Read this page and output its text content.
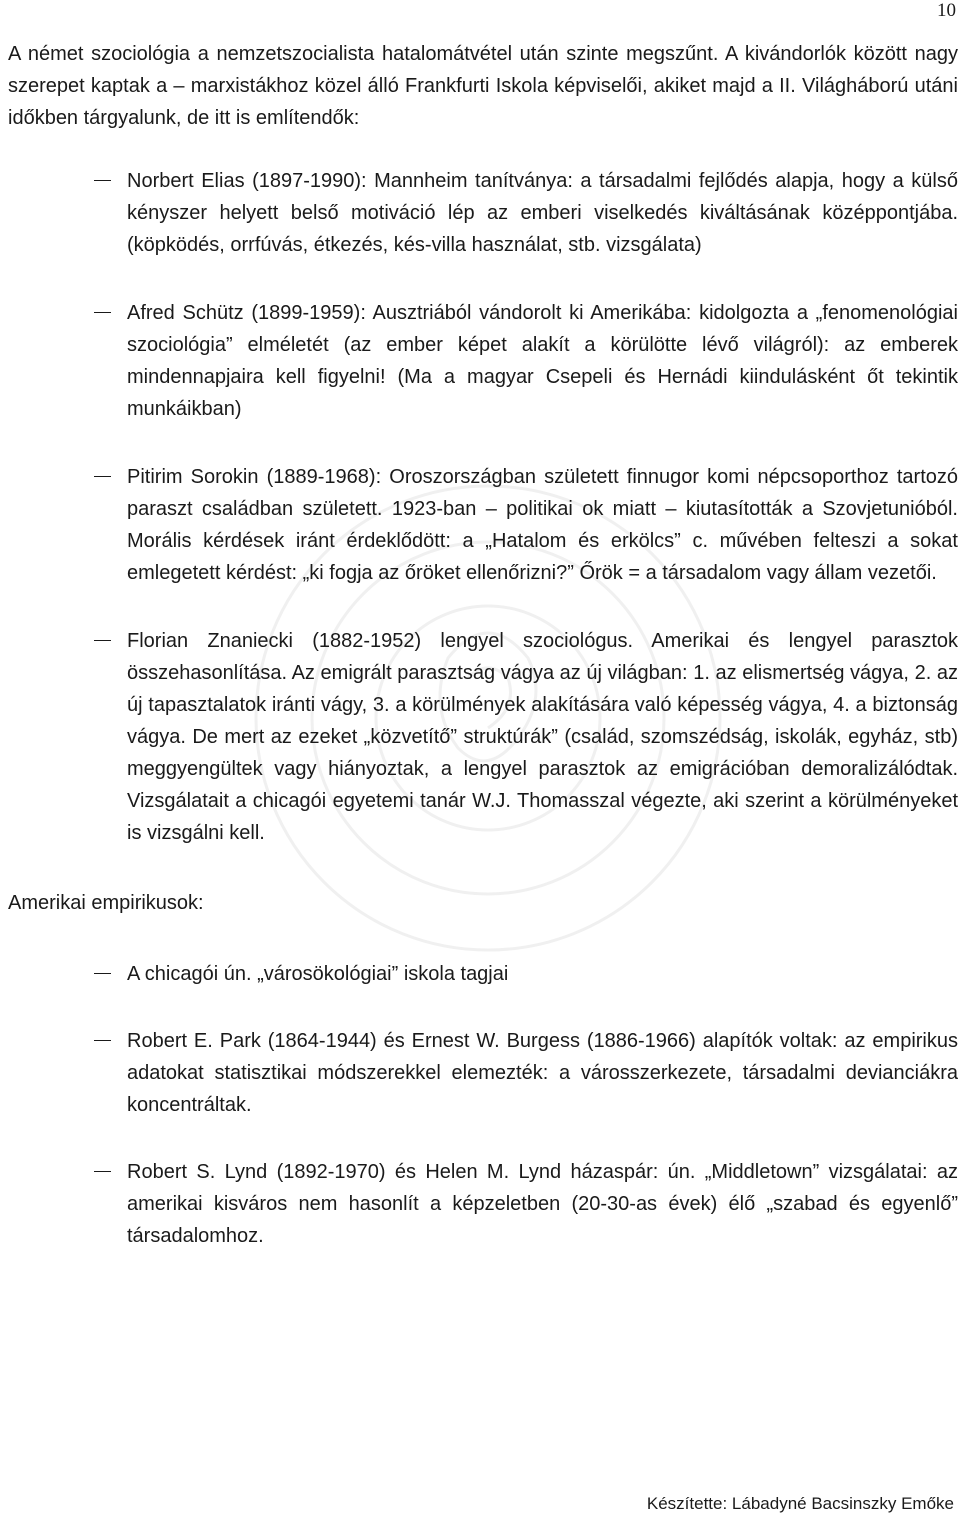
10

A német szociológia a nemzetszocialista hatalomátvétel után szinte megszűnt. A kivándorlók között nagy szerepet kaptak a – marxistákhoz közel álló Frankfurti Iskola képviselői, akiket majd a II. Világháború utáni időkben tárgyalunk, de itt is említendők:

Norbert Elias (1897-1990): Mannheim tanítványa: a társadalmi fejlődés alapja, hogy a külső kényszer helyett belső motiváció lép az emberi viselkedés kiváltásának középpontjába. (köpködés, orrfúvás, étkezés, kés-villa használat, stb. vizsgálata)
Afred Schütz (1899-1959): Ausztriából vándorolt ki Amerikába: kidolgozta a „fenomenológiai szociológia” elméletét (az ember képet alakít a körülötte lévő világról): az emberek mindennapjaira kell figyelni! (Ma a magyar Csepeli és Hernádi kiindulásként őt tekintik munkáikban)
Pitirim Sorokin (1889-1968): Oroszországban született finnugor komi népcsoporthoz tartozó paraszt családban született. 1923-ban – politikai ok miatt – kiutasították a Szovjetunióból. Morális kérdések iránt érdeklődött: a „Hatalom és erkölcs” c. művében felteszi a sokat emlegetett kérdést: „ki fogja az őröket ellenőrizni?” Őrök = a társadalom vagy állam vezetői.
Florian Znaniecki (1882-1952) lengyel szociológus. Amerikai és lengyel parasztok összehasonlítása. Az emigrált parasztság vágya az új világban: 1. az elismertség vágya, 2. az új tapasztalatok iránti vágy, 3. a körülmények alakítására való képesség vágya, 4. a biztonság vágya. De mert az ezeket „közvetítő” struktúrák” (család, szomszédság, iskolák, egyház, stb) meggyengültek vagy hiányoztak, a lengyel parasztok az emigrációban demoralizálódtak. Vizsgálatait a chicagói egyetemi tanár W.J. Thomasszal végezte, aki szerint a körülményeket is vizsgálni kell.

Amerikai empirikusok:

A chicagói ún. „városökológiai” iskola tagjai
Robert E. Park (1864-1944) és Ernest W. Burgess (1886-1966) alapítók voltak: az empirikus adatokat statisztikai módszerekkel elemezték: a városszerkezete, társadalmi devianciákra koncentráltak.
Robert S. Lynd (1892-1970) és Helen M. Lynd házaspár: ún. „Middletown” vizsgálatai: az amerikai kisváros nem hasonlít a képzeletben (20-30-as évek) élő „szabad és egyenlő” társadalomhoz.
Készítette: Lábadyné Bacsinszky Emőke
